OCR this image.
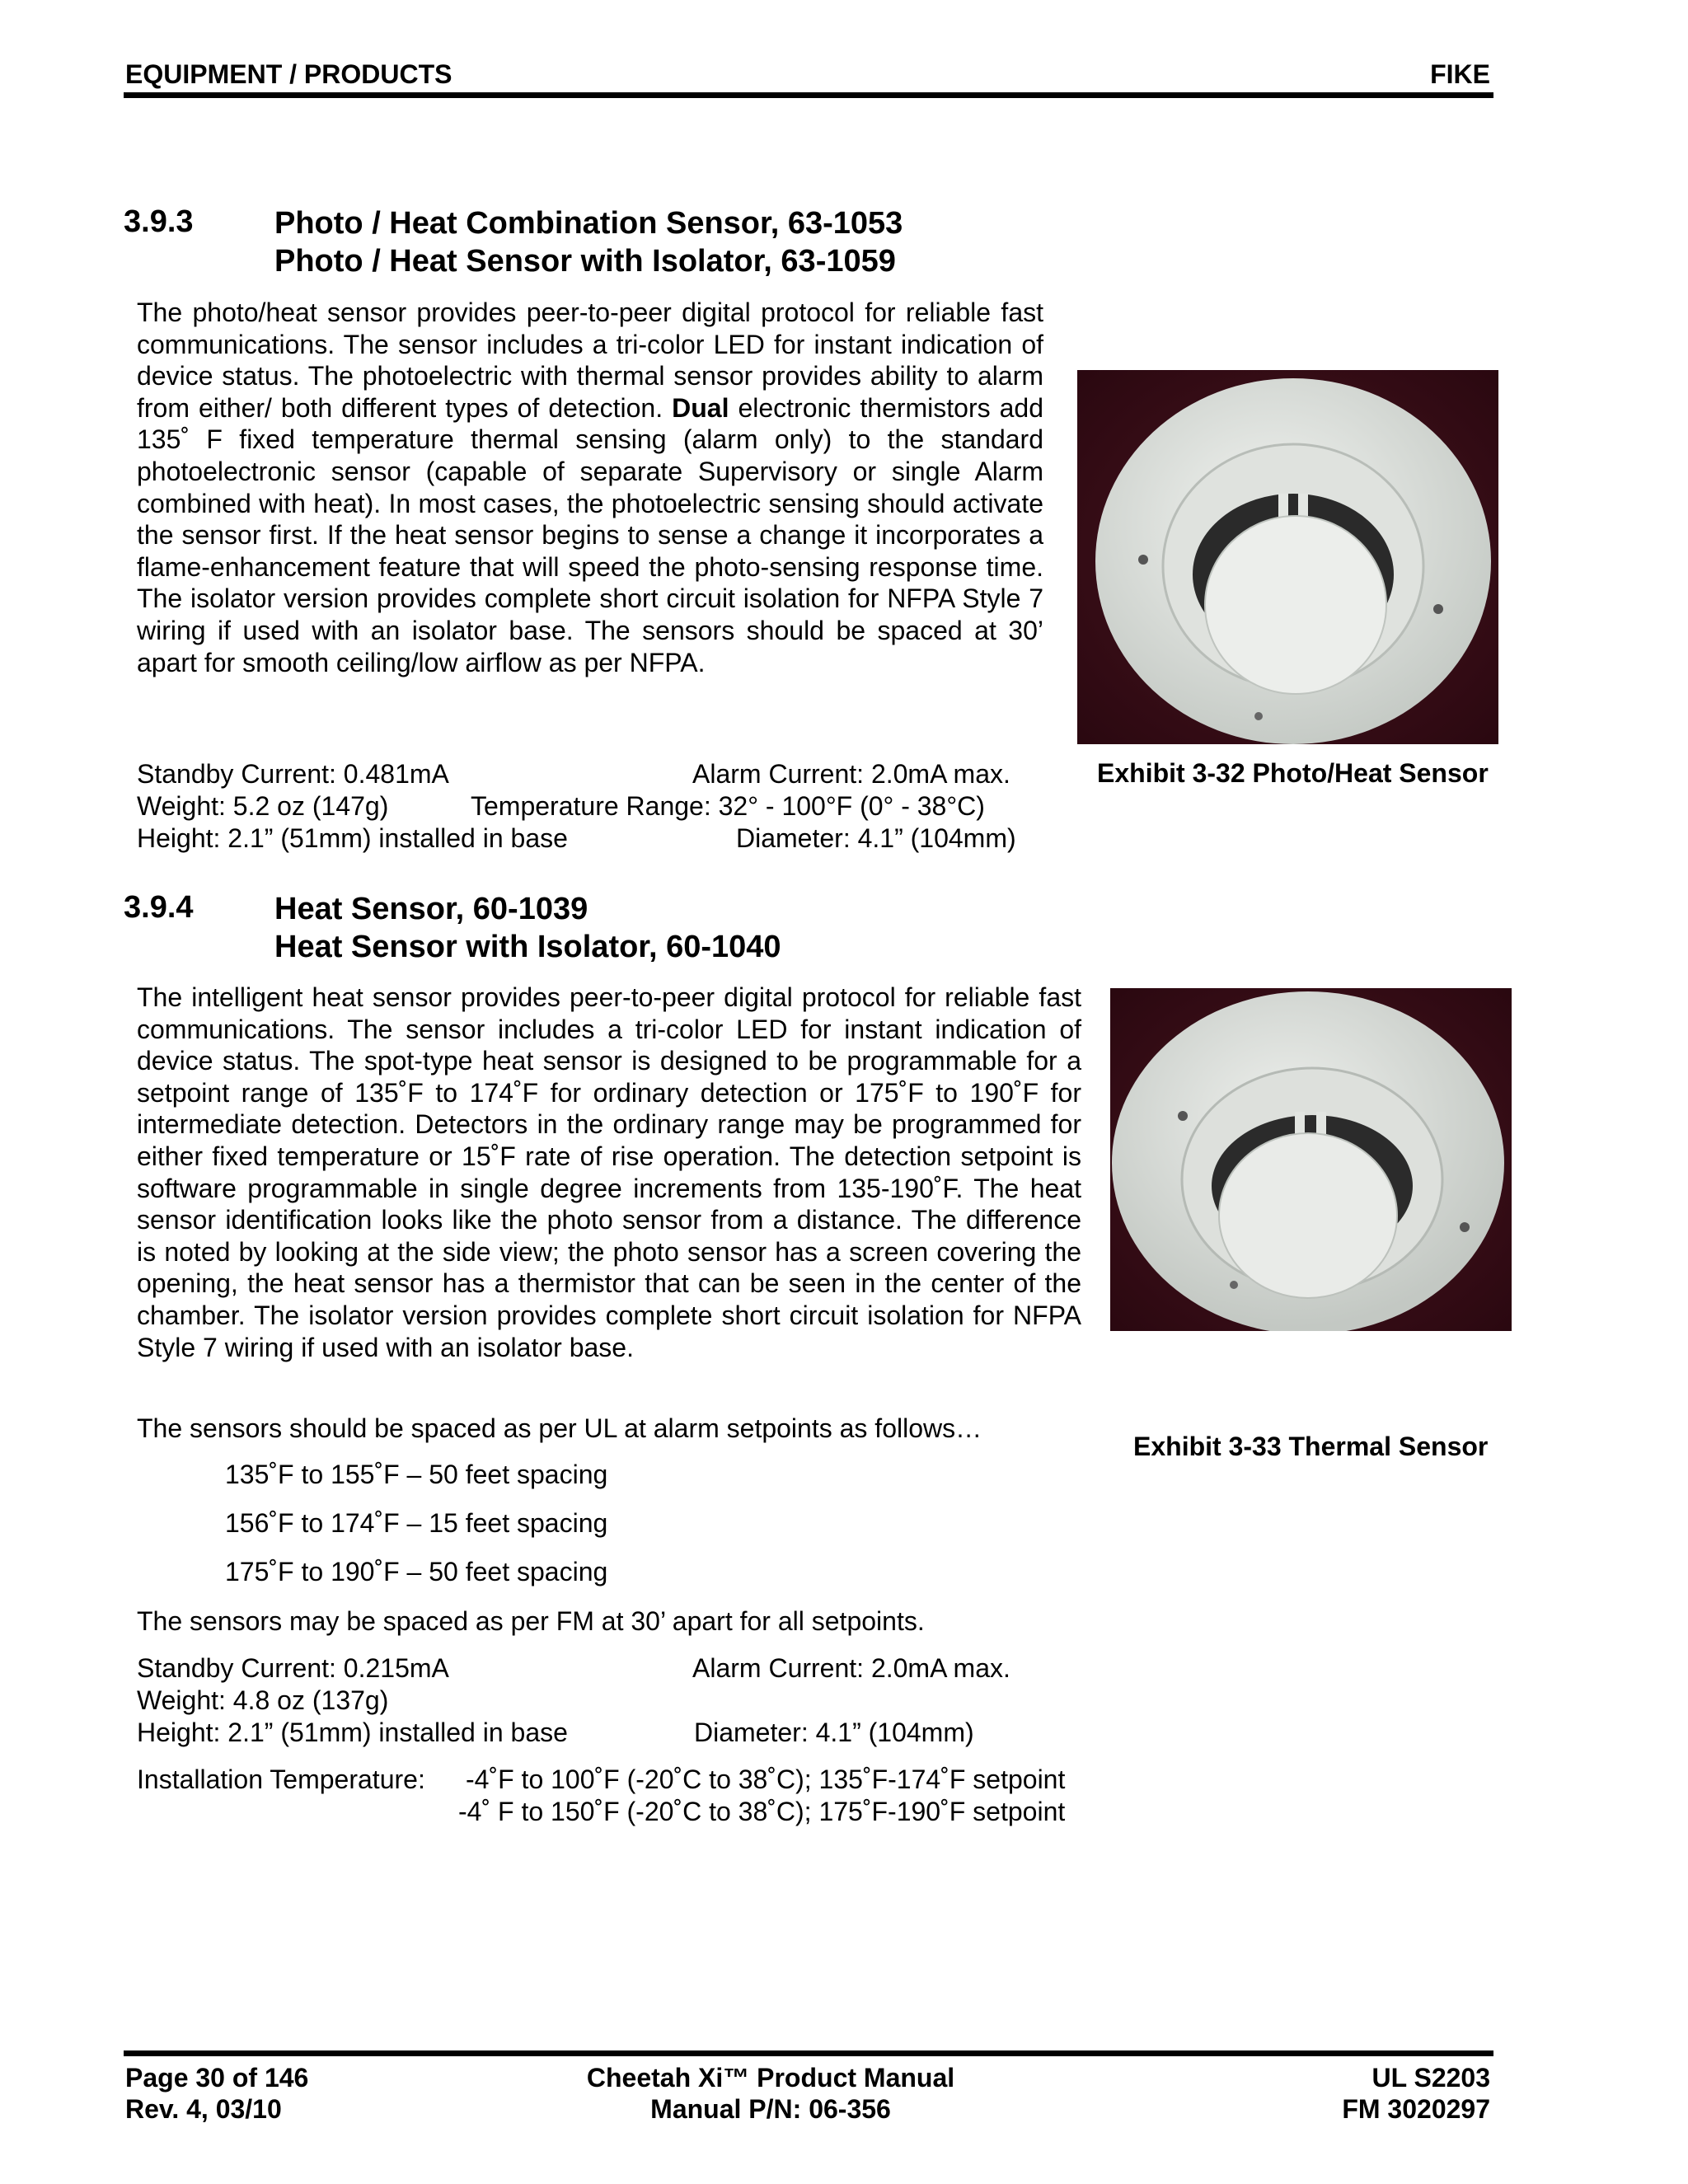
EQUIPMENT / PRODUCTS	FIKE
3.9.3	Photo / Heat Combination Sensor, 63-1053
Photo / Heat Sensor with Isolator, 63-1059
The photo/heat sensor provides peer-to-peer digital protocol for reliable fast communications. The sensor includes a tri-color LED for instant indication of device status. The photoelectric with thermal sensor provides ability to alarm from either/ both different types of detection. Dual electronic thermistors add 135˚ F fixed temperature thermal sensing (alarm only) to the standard photoelectronic sensor (capable of separate Supervisory or single Alarm combined with heat). In most cases, the photoelectric sensing should activate the sensor first. If the heat sensor begins to sense a change it incorporates a flame-enhancement feature that will speed the photo-sensing response time. The isolator version provides complete short circuit isolation for NFPA Style 7 wiring if used with an isolator base. The sensors should be spaced at 30’ apart for smooth ceiling/low airflow as per NFPA.
Standby Current: 0.481mA	Alarm Current: 2.0mA max.
Weight: 5.2 oz (147g)	Temperature Range: 32° - 100°F (0° - 38°C)
Height: 2.1” (51mm) installed in base	Diameter: 4.1” (104mm)
Exhibit 3-32 Photo/Heat Sensor
3.9.4	Heat Sensor, 60-1039
Heat Sensor with Isolator, 60-1040
The intelligent heat sensor provides peer-to-peer digital protocol for reliable fast communications. The sensor includes a tri-color LED for instant indication of device status. The spot-type heat sensor is designed to be programmable for a setpoint range of 135˚F to 174˚F for ordinary detection or 175˚F to 190˚F for intermediate detection. Detectors in the ordinary range may be programmed for either fixed temperature or 15˚F rate of rise operation. The detection setpoint is software programmable in single degree increments from 135-190˚F. The heat sensor identification looks like the photo sensor from a distance. The difference is noted by looking at the side view; the photo sensor has a screen covering the opening, the heat sensor has a thermistor that can be seen in the center of the chamber. The isolator version provides complete short circuit isolation for NFPA Style 7 wiring if used with an isolator base.
The sensors should be spaced as per UL at alarm setpoints as follows…
135˚F to 155˚F – 50 feet spacing
156˚F to 174˚F – 15 feet spacing
175˚F to 190˚F – 50 feet spacing
The sensors may be spaced as per FM at 30’ apart for all setpoints.
Standby Current: 0.215mA	Alarm Current: 2.0mA max.
Weight: 4.8 oz (137g)
Height: 2.1” (51mm) installed in base	Diameter: 4.1” (104mm)
Installation Temperature: -4˚F to 100˚F (-20˚C to 38˚C); 135˚F-174˚F setpoint
-4˚ F to 150˚F (-20˚C to 38˚C); 175˚F-190˚F setpoint
Exhibit 3-33 Thermal Sensor
Page 30 of 146
Rev. 4, 03/10
Cheetah Xi™ Product Manual
Manual P/N: 06-356
UL S2203
FM 3020297
